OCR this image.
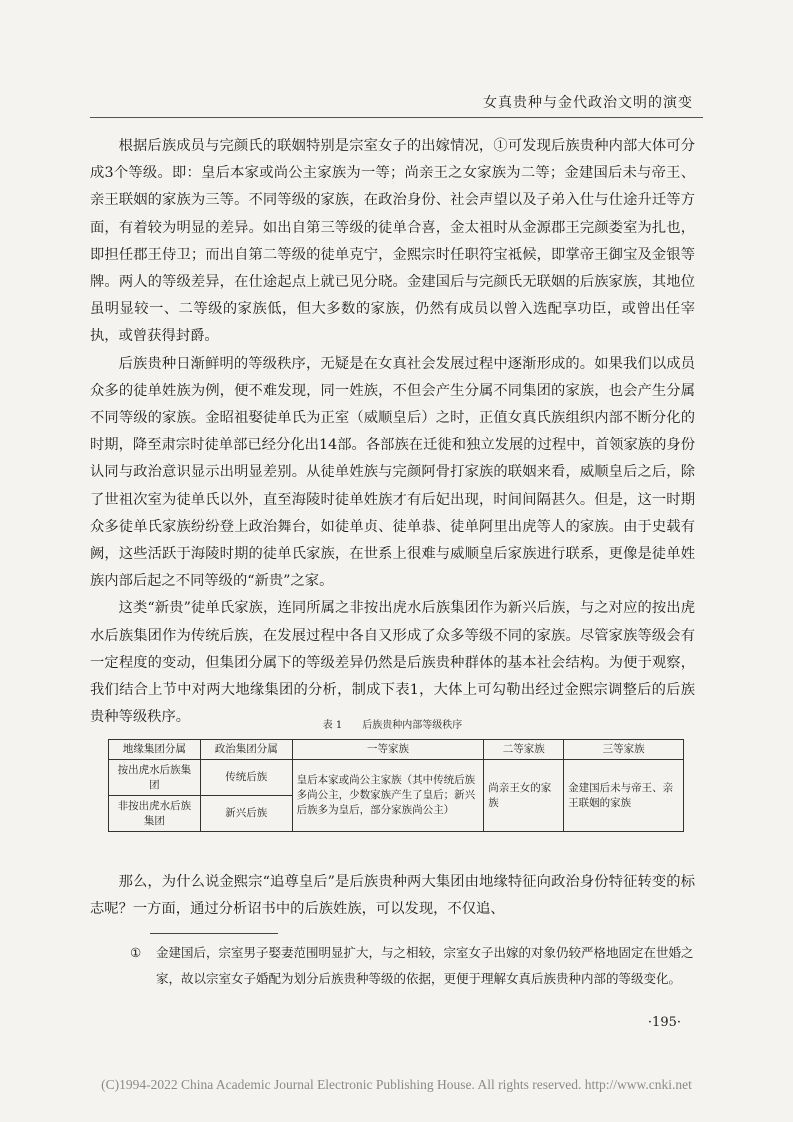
女真贵种与金代政治文明的演变

根据后族成员与完颜氏的联姻特别是宗室女子的出嫁情况，①可发现后族贵种内部大体可分成3个等级。即：皇后本家或尚公主家族为一等；尚亲王之女家族为二等；金建国后未与帝王、亲王联姻的家族为三等。不同等级的家族，在政治身份、社会声望以及子弟入仕与仕途升迁等方面，有着较为明显的差异。如出自第三等级的徒单合喜，金太祖时从金源郡王完颜娄室为扎也，即担任郡王侍卫；而出自第二等级的徒单克宁，金熙宗时任职符宝祗候，即掌帝王御宝及金银等牌。两人的等级差异，在仕途起点上就已见分晓。金建国后与完颜氏无联姻的后族家族，其地位虽明显较一、二等级的家族低，但大多数的家族，仍然有成员以曾入选配享功臣，或曾出任宰执，或曾获得封爵。

后族贵种日渐鲜明的等级秩序，无疑是在女真社会发展过程中逐渐形成的。如果我们以成员众多的徒单姓族为例，便不难发现，同一姓族，不但会产生分属不同集团的家族，也会产生分属不同等级的家族。金昭祖娶徒单氏为正室（威顺皇后）之时，正值女真氏族组织内部不断分化的时期，降至肃宗时徒单部已经分化出14部。各部族在迁徙和独立发展的过程中，首领家族的身份认同与政治意识显示出明显差别。从徒单姓族与完颜阿骨打家族的联姻来看，威顺皇后之后，除了世祖次室为徒单氏以外，直至海陵时徒单姓族才有后妃出现，时间间隔甚久。但是，这一时期众多徒单氏家族纷纷登上政治舞台，如徒单贞、徒单恭、徒单阿里出虎等人的家族。由于史载有阙，这些活跃于海陵时期的徒单氏家族，在世系上很难与威顺皇后家族进行联系，更像是徒单姓族内部后起之不同等级的“新贵”之家。

这类“新贵”徒单氏家族，连同所属之非按出虎水后族集团作为新兴后族，与之对应的按出虎水后族集团作为传统后族，在发展过程中各自又形成了众多等级不同的家族。尽管家族等级会有一定程度的变动，但集团分属下的等级差异仍然是后族贵种群体的基本社会结构。为便于观察，我们结合上节中对两大地缘集团的分析，制成下表1，大体上可勾勒出经过金熙宗调整后的后族贵种等级秩序。

表 1　　后族贵种内部等级秩序
地缘集团分属	政治集团分属	一等家族	二等家族	三等家族
按出虎水后族集团	传统后族	皇后本家或尚公主家族（其中传统后族多尚公主，少数家族产生了皇后；新兴后族多为皇后，部分家族尚公主）	尚亲王女的家族	金建国后未与帝王、亲王联姻的家族
非按出虎水后族集团	新兴后族			

那么，为什么说金熙宗“追尊皇后”是后族贵种两大集团由地缘特征向政治身份特征转变的标志呢？一方面，通过分析诏书中的后族姓族，可以发现，不仅追、

①	金建国后，宗室男子娶妻范围明显扩大，与之相较，宗室女子出嫁的对象仍较严格地固定在世婚之家，故以宗室女子婚配为划分后族贵种等级的依据，更便于理解女真后族贵种内部的等级变化。
·195·
(C)1994-2022 China Academic Journal Electronic Publishing House. All rights reserved. http://www.cnki.net
